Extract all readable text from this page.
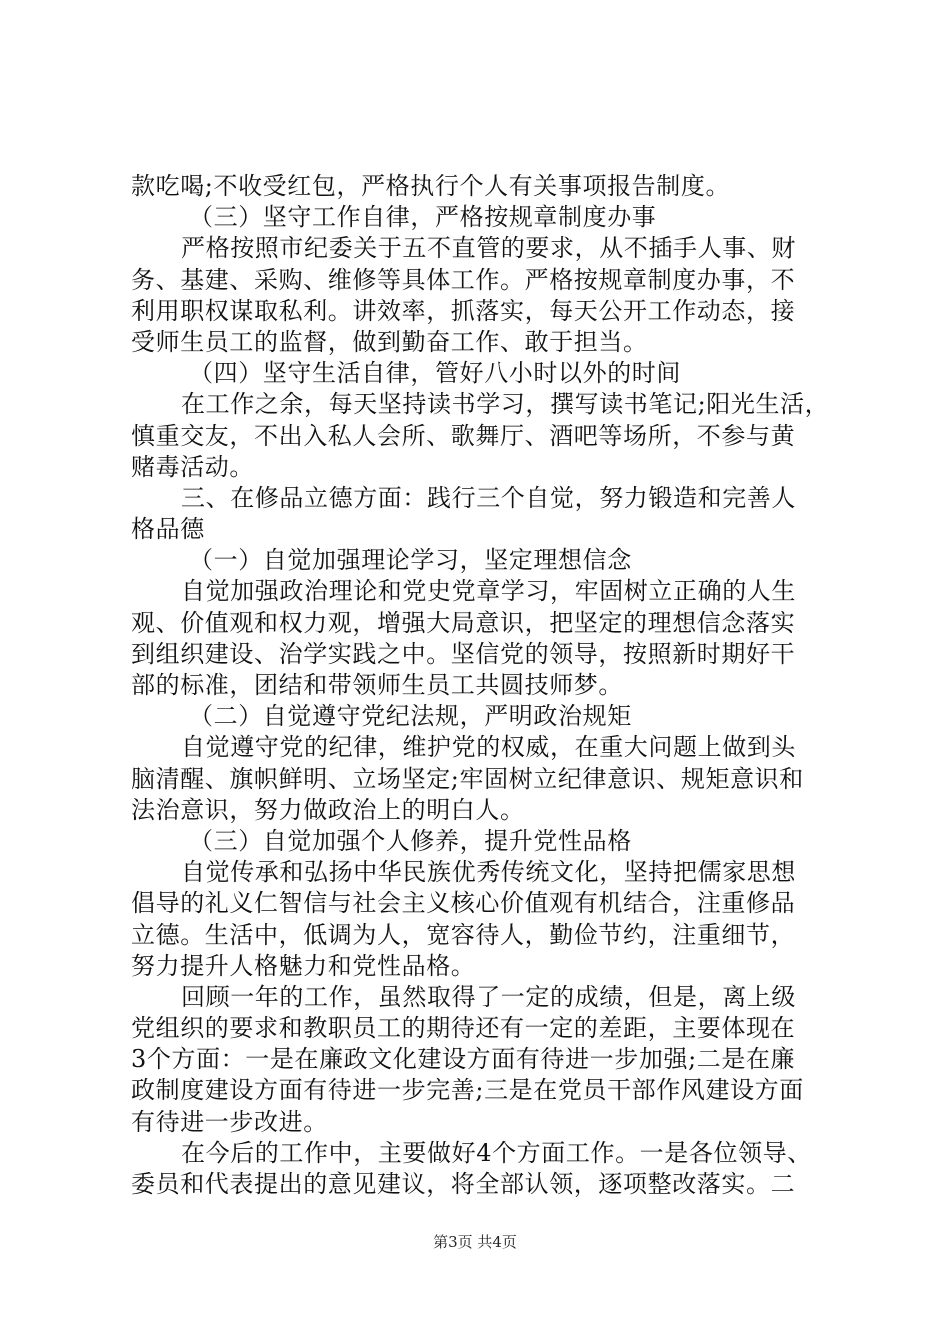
款吃喝;不收受红包，严格执行个人有关事项报告制度。
（三）坚守工作自律，严格按规章制度办事
严格按照市纪委关于五不直管的要求，从不插手人事、财
务、基建、采购、维修等具体工作。严格按规章制度办事，不
利用职权谋取私利。讲效率，抓落实，每天公开工作动态，接
受师生员工的监督，做到勤奋工作、敢于担当。
（四）坚守生活自律，管好八小时以外的时间
在工作之余，每天坚持读书学习，撰写读书笔记;阳光生活，
慎重交友，不出入私人会所、歌舞厅、酒吧等场所，不参与黄
赌毒活动。
三、在修品立德方面：践行三个自觉，努力锻造和完善人
格品德
（一）自觉加强理论学习，坚定理想信念
自觉加强政治理论和党史党章学习，牢固树立正确的人生
观、价值观和权力观，增强大局意识，把坚定的理想信念落实
到组织建设、治学实践之中。坚信党的领导，按照新时期好干
部的标准，团结和带领师生员工共圆技师梦。
（二）自觉遵守党纪法规，严明政治规矩
自觉遵守党的纪律，维护党的权威，在重大问题上做到头
脑清醒、旗帜鲜明、立场坚定;牢固树立纪律意识、规矩意识和
法治意识，努力做政治上的明白人。
（三）自觉加强个人修养，提升党性品格
自觉传承和弘扬中华民族优秀传统文化，坚持把儒家思想
倡导的礼义仁智信与社会主义核心价值观有机结合，注重修品
立德。生活中，低调为人，宽容待人，勤俭节约，注重细节，
努力提升人格魅力和党性品格。
回顾一年的工作，虽然取得了一定的成绩，但是，离上级
党组织的要求和教职员工的期待还有一定的差距，主要体现在
3个方面：一是在廉政文化建设方面有待进一步加强;二是在廉
政制度建设方面有待进一步完善;三是在党员干部作风建设方面
有待进一步改进。
在今后的工作中，主要做好4个方面工作。一是各位领导、
委员和代表提出的意见建议，将全部认领，逐项整改落实。二
第3页 共4页
